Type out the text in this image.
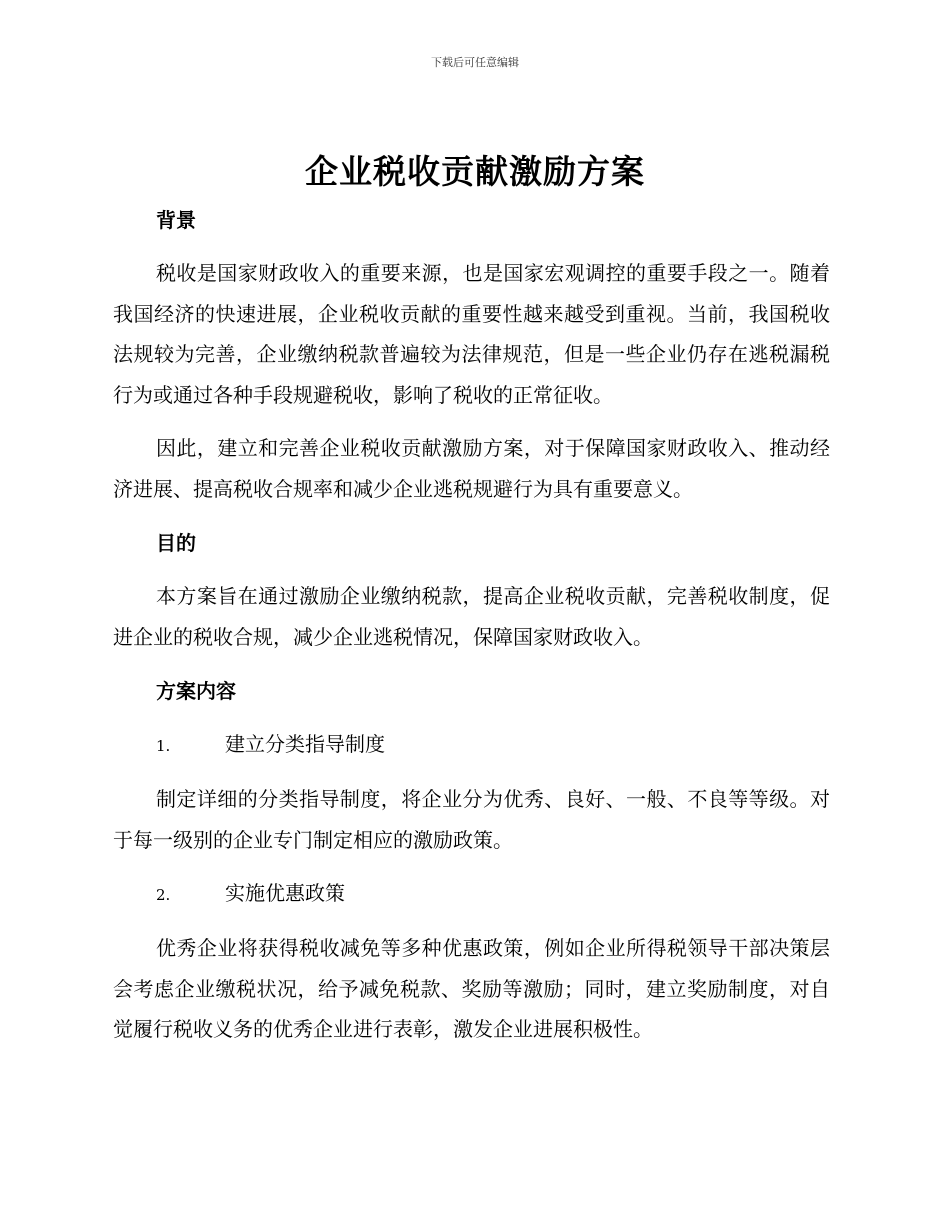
下载后可任意编辑
企业税收贡献激励方案

背景

税收是国家财政收入的重要来源，也是国家宏观调控的重要手段之一。随着我国经济的快速进展，企业税收贡献的重要性越来越受到重视。当前，我国税收法规较为完善，企业缴纳税款普遍较为法律规范，但是一些企业仍存在逃税漏税行为或通过各种手段规避税收，影响了税收的正常征收。

因此，建立和完善企业税收贡献激励方案，对于保障国家财政收入、推动经济进展、提高税收合规率和减少企业逃税规避行为具有重要意义。

目的

本方案旨在通过激励企业缴纳税款，提高企业税收贡献，完善税收制度，促进企业的税收合规，减少企业逃税情况，保障国家财政收入。

方案内容

1.	建立分类指导制度

制定详细的分类指导制度，将企业分为优秀、良好、一般、不良等等级。对于每一级别的企业专门制定相应的激励政策。

2.	实施优惠政策

优秀企业将获得税收减免等多种优惠政策，例如企业所得税领导干部决策层会考虑企业缴税状况，给予减免税款、奖励等激励；同时，建立奖励制度，对自觉履行税收义务的优秀企业进行表彰，激发企业进展积极性。
